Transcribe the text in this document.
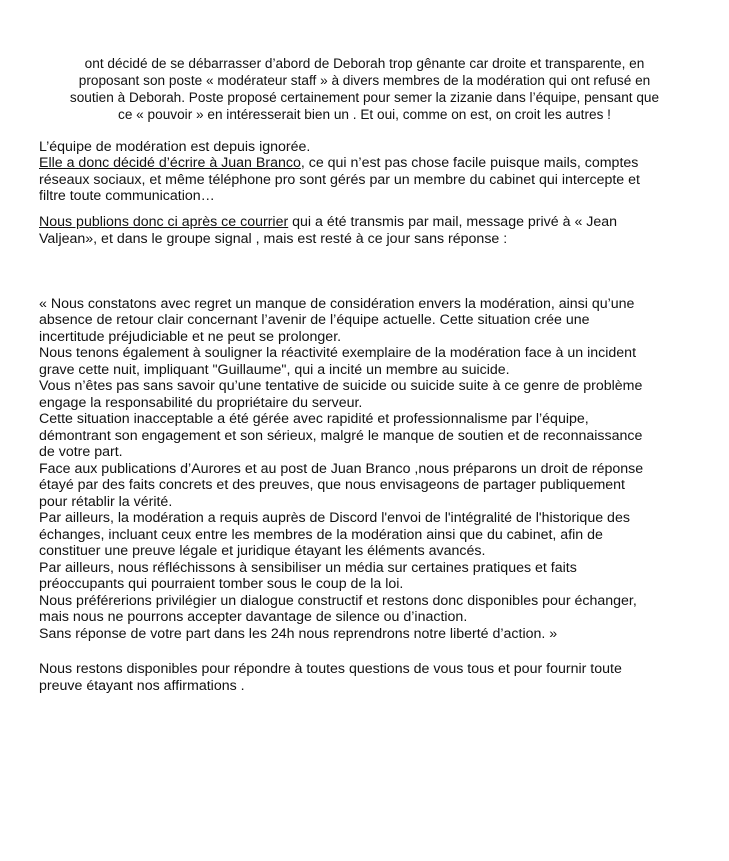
ont décidé de se débarrasser d’abord de Deborah trop gênante car droite et transparente, en
proposant son poste « modérateur staff » à divers membres de la modération qui ont refusé en
soutien à Deborah. Poste proposé certainement pour semer la zizanie dans l’équipe, pensant que
ce « pouvoir » en intéresserait bien un . Et oui, comme on est, on croit les autres !
L’équipe de modération est depuis ignorée.
Elle a donc décidé d’écrire à Juan Branco, ce qui n’est pas chose facile puisque mails, comptes
réseaux sociaux, et même téléphone pro sont gérés par un membre du cabinet qui intercepte et
filtre toute communication…
Nous publions donc ci après ce courrier qui a été transmis par mail, message privé à « Jean
Valjean», et dans le groupe signal , mais est resté à ce jour sans réponse :
« Nous constatons avec regret un manque de considération envers la modération, ainsi qu’une
absence de retour clair concernant l’avenir de l’équipe actuelle. Cette situation crée une
incertitude préjudiciable et ne peut se prolonger.
Nous tenons également à souligner la réactivité exemplaire de la modération face à un incident
grave cette nuit, impliquant "Guillaume", qui a incité un membre au suicide.
Vous n’êtes pas sans savoir qu’une tentative de suicide ou suicide suite à ce genre de problème
engage la responsabilité du propriétaire du serveur.
Cette situation inacceptable a été gérée avec rapidité et professionnalisme par l’équipe,
démontrant son engagement et son sérieux, malgré le manque de soutien et de reconnaissance
de votre part.
Face aux publications d’Aurores et au post de Juan Branco ,nous préparons un droit de réponse
étayé par des faits concrets et des preuves, que nous envisageons de partager publiquement
pour rétablir la vérité.
Par ailleurs, la modération a requis auprès de Discord l'envoi de l'intégralité de l'historique des
échanges, incluant ceux entre les membres de la modération ainsi que du cabinet, afin de
constituer une preuve légale et juridique étayant les éléments avancés.
Par ailleurs, nous réfléchissons à sensibiliser un média sur certaines pratiques et faits
préoccupants qui pourraient tomber sous le coup de la loi.
Nous préférerions privilégier un dialogue constructif et restons donc disponibles pour échanger,
mais nous ne pourrons accepter davantage de silence ou d’inaction.
Sans réponse de votre part dans les 24h nous reprendrons notre liberté d’action. »
Nous restons disponibles pour répondre à toutes questions de vous tous et pour fournir toute
preuve étayant nos affirmations .
